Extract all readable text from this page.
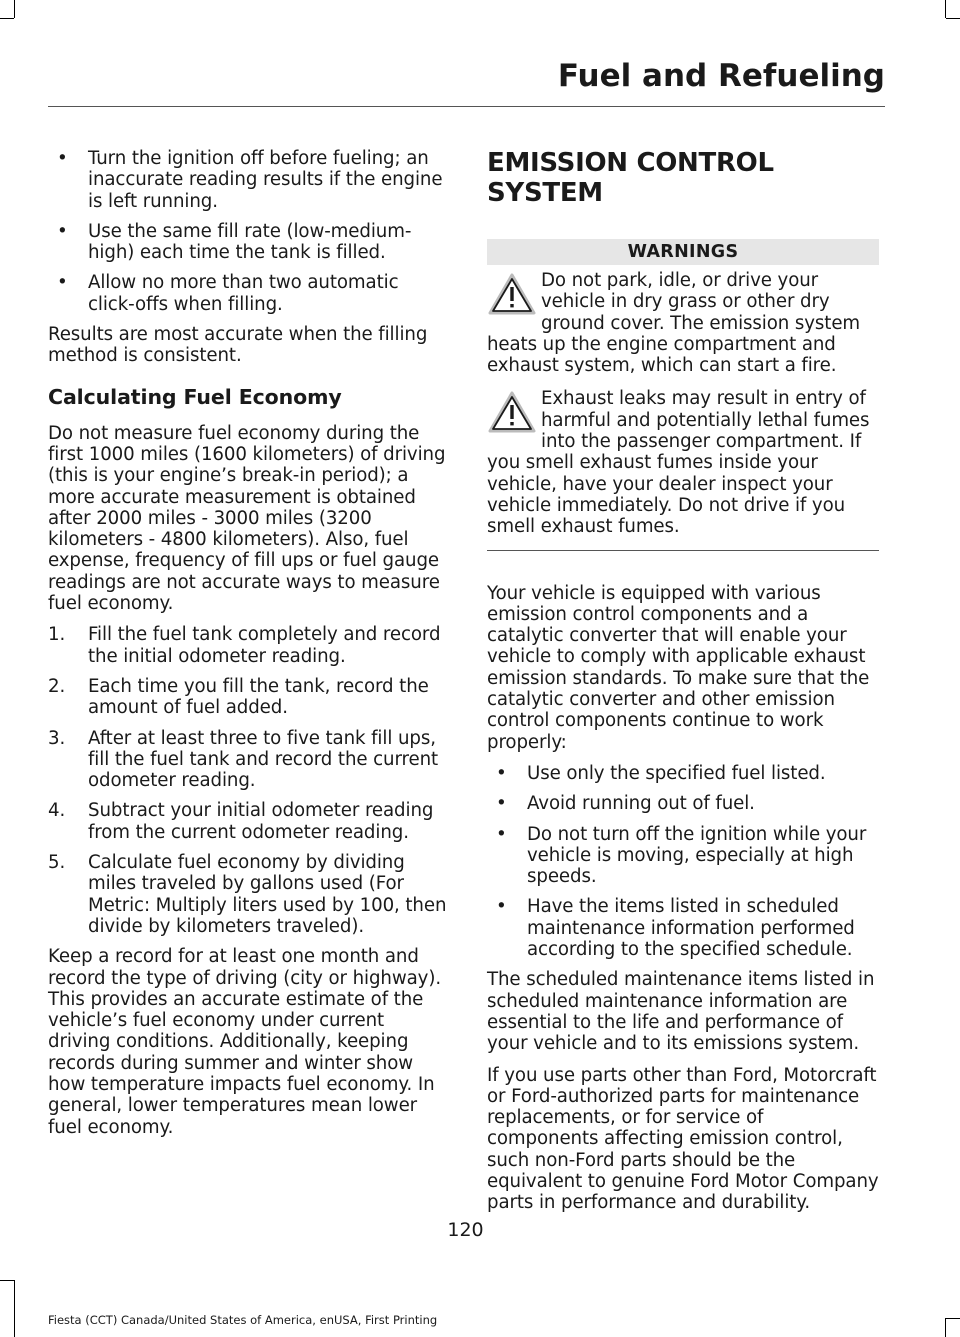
Fuel and Refueling
• Turn the ignition off before fueling; an inaccurate reading results if the engine is left running.
• Use the same fill rate (low-medium-high) each time the tank is filled.
• Allow no more than two automatic click-offs when filling.
Results are most accurate when the filling method is consistent.
Calculating Fuel Economy
Do not measure fuel economy during the first 1000 miles (1600 kilometers) of driving (this is your engine’s break-in period); a more accurate measurement is obtained after 2000 miles - 3000 miles (3200 kilometers - 4800 kilometers). Also, fuel expense, frequency of fill ups or fuel gauge readings are not accurate ways to measure fuel economy.
1. Fill the fuel tank completely and record the initial odometer reading.
2. Each time you fill the tank, record the amount of fuel added.
3. After at least three to five tank fill ups, fill the fuel tank and record the current odometer reading.
4. Subtract your initial odometer reading from the current odometer reading.
5. Calculate fuel economy by dividing miles traveled by gallons used (For Metric: Multiply liters used by 100, then divide by kilometers traveled).
Keep a record for at least one month and record the type of driving (city or highway). This provides an accurate estimate of the vehicle’s fuel economy under current driving conditions. Additionally, keeping records during summer and winter show how temperature impacts fuel economy. In general, lower temperatures mean lower fuel economy.
EMISSION CONTROL SYSTEM
WARNINGS
Do not park, idle, or drive your vehicle in dry grass or other dry ground cover. The emission system heats up the engine compartment and exhaust system, which can start a fire.
Exhaust leaks may result in entry of harmful and potentially lethal fumes into the passenger compartment. If you smell exhaust fumes inside your vehicle, have your dealer inspect your vehicle immediately. Do not drive if you smell exhaust fumes.
Your vehicle is equipped with various emission control components and a catalytic converter that will enable your vehicle to comply with applicable exhaust emission standards. To make sure that the catalytic converter and other emission control components continue to work properly:
• Use only the specified fuel listed.
• Avoid running out of fuel.
• Do not turn off the ignition while your vehicle is moving, especially at high speeds.
• Have the items listed in scheduled maintenance information performed according to the specified schedule.
The scheduled maintenance items listed in scheduled maintenance information are essential to the life and performance of your vehicle and to its emissions system.
If you use parts other than Ford, Motorcraft or Ford-authorized parts for maintenance replacements, or for service of components affecting emission control, such non-Ford parts should be the equivalent to genuine Ford Motor Company parts in performance and durability.
120
Fiesta (CCT) Canada/United States of America, enUSA, First Printing
